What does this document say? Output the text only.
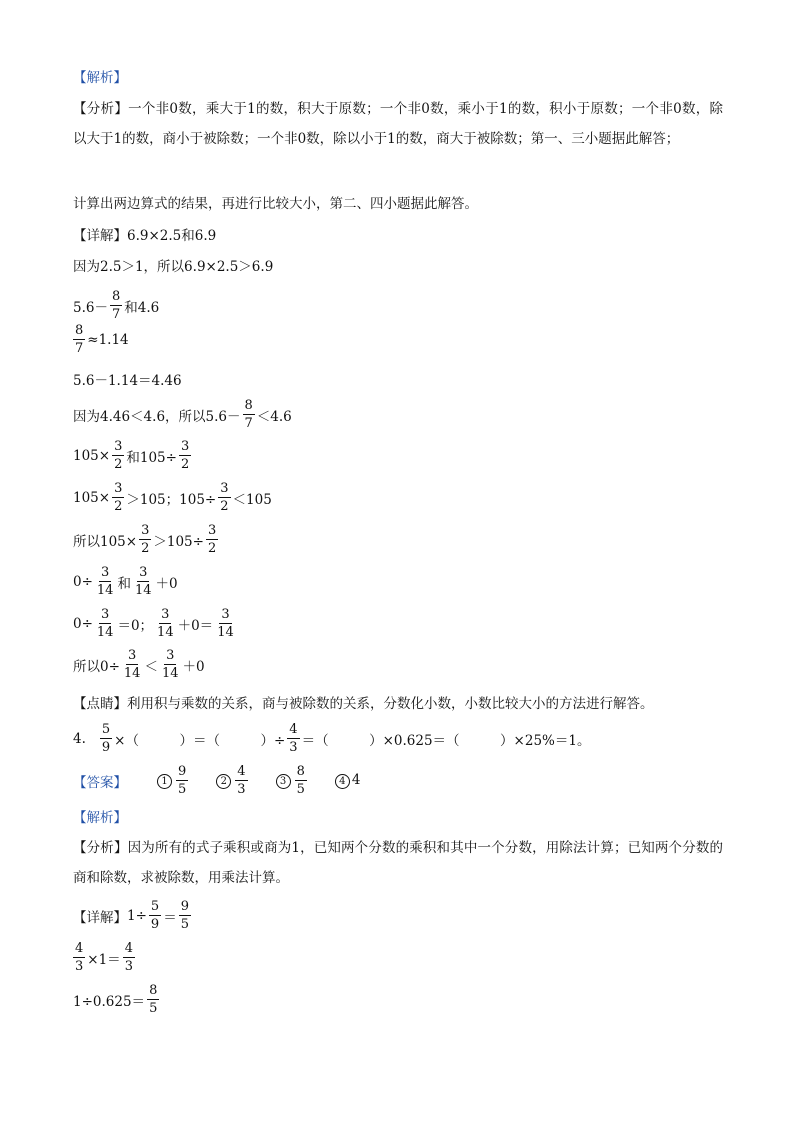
【解析】
【分析】一个非0数，乘大于1的数，积大于原数；一个非0数，乘小于1的数，积小于原数；一个非0数，除以大于1的数，商小于被除数；一个非0数，除以小于1的数，商大于被除数；第一、三小题据此解答；
计算出两边算式的结果，再进行比较大小，第二、四小题据此解答。
【详解】6.9×2.5和6.9
因为2.5＞1，所以6.9×2.5＞6.9
$5.6- \frac{8}{7}$ 和4.6
$\frac{8}{7} \approx 1.14$
5.6－1.14＝4.46
因为4.46＜4.6，所以$5.6- \frac{8}{7} <4.6$
$105\times \frac{3}{2}$ 和$105\div \frac{3}{2}$
$105\times \frac{3}{2} >105$；$105\div \frac{3}{2} <105$
所以$105\times \frac{3}{2} >105\div \frac{3}{2}$
$0\div \frac{3}{14}$ 和 $\frac{3}{14} +0$
$0\div \frac{3}{14} =0$； $\frac{3}{14} +0= \frac{3}{14}$
所以$0\div \frac{3}{14} < \frac{3}{14} +0$
【点睛】利用积与乘数的关系，商与被除数的关系，分数化小数，小数比较大小的方法进行解答。
4. $\frac{5}{9}$ ×（　　　）＝（　　　）÷ $\frac{4}{3}$ ＝（　　　）×0.625＝（　　　）×25%＝1。
【答案】	$1 \frac{9}{5}$	$2 \frac{4}{3}$	$3 \frac{8}{5}$	4 4
【解析】
【分析】因为所有的式子乘积或商为1，已知两个分数的乘积和其中一个分数，用除法计算；已知两个分数的商和除数，求被除数，用乘法计算。
【详解】 $1\div \frac{5}{9} = \frac{9}{5}$
$\frac{4}{3} \times 1= \frac{4}{3}$
$1\div 0.625= \frac{8}{5}$
